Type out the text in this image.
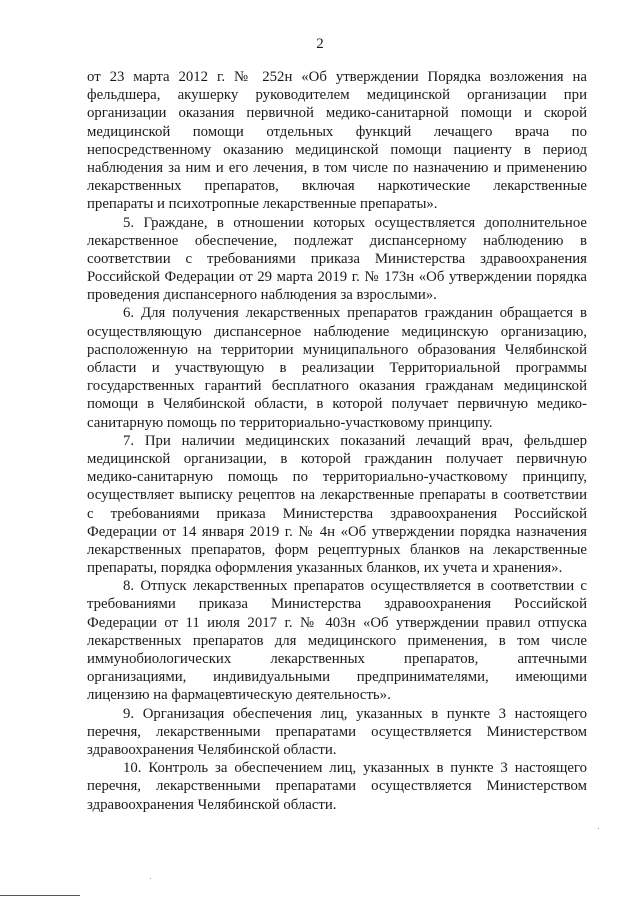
2
от 23 марта 2012 г. № 252н «Об утверждении Порядка возложения на
фельдшера, акушерку руководителем медицинской организации при
организации оказания первичной медико-санитарной помощи и скорой
медицинской помощи отдельных функций лечащего врача по
непосредственному оказанию медицинской помощи пациенту в период
наблюдения за ним и его лечения, в том числе по назначению и применению
лекарственных препаратов, включая наркотические лекарственные
препараты и психотропные лекарственные препараты».
5. Граждане, в отношении которых осуществляется дополнительное
лекарственное обеспечение, подлежат диспансерному наблюдению в
соответствии с требованиями приказа Министерства здравоохранения
Российской Федерации от 29 марта 2019 г. № 173н «Об утверждении порядка
проведения диспансерного наблюдения за взрослыми».
6. Для получения лекарственных препаратов гражданин обращается в
осуществляющую диспансерное наблюдение медицинскую организацию,
расположенную на территории муниципального образования Челябинской
области и участвующую в реализации Территориальной программы
государственных гарантий бесплатного оказания гражданам медицинской
помощи в Челябинской области, в которой получает первичную медико-
санитарную помощь по территориально-участковому принципу.
7. При наличии медицинских показаний лечащий врач, фельдшер
медицинской организации, в которой гражданин получает первичную
медико-санитарную помощь по территориально-участковому принципу,
осуществляет выписку рецептов на лекарственные препараты в соответствии
с требованиями приказа Министерства здравоохранения Российской
Федерации от 14 января 2019 г. № 4н «Об утверждении порядка назначения
лекарственных препаратов, форм рецептурных бланков на лекарственные
препараты, порядка оформления указанных бланков, их учета и хранения».
8. Отпуск лекарственных препаратов осуществляется в соответствии с
требованиями приказа Министерства здравоохранения Российской
Федерации от 11 июля 2017 г. № 403н «Об утверждении правил отпуска
лекарственных препаратов для медицинского применения, в том числе
иммунобиологических лекарственных препаратов, аптечными
организациями, индивидуальными предпринимателями, имеющими
лицензию на фармацевтическую деятельность».
9. Организация обеспечения лиц, указанных в пункте 3 настоящего
перечня, лекарственными препаратами осуществляется Министерством
здравоохранения Челябинской области.
10. Контроль за обеспечением лиц, указанных в пункте 3 настоящего
перечня, лекарственными препаратами осуществляется Министерством
здравоохранения Челябинской области.
